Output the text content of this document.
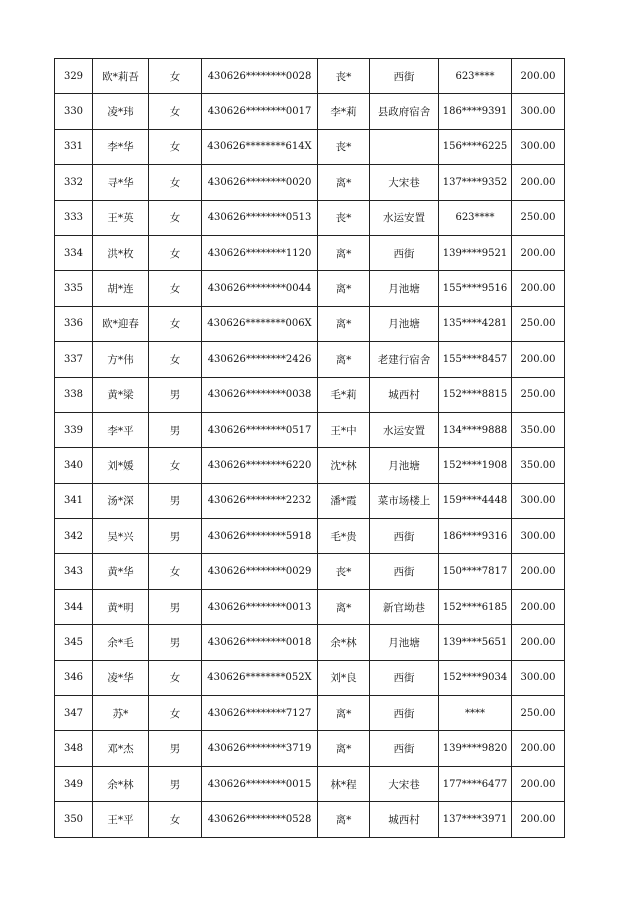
329	欧*莉吾	女	430626********0028	丧*	西街	623****	200.00
330	凌*玮	女	430626********0017	李*莉	县政府宿舍	186****9391	300.00
331	李*华	女	430626********614X	丧*		156****6225	300.00
332	寻*华	女	430626********0020	离*	大宋巷	137****9352	200.00
333	王*英	女	430626********0513	丧*	水运安置	623****	250.00
334	洪*枚	女	430626********1120	离*	西街	139****9521	200.00
335	胡*连	女	430626********0044	离*	月池塘	155****9516	200.00
336	欧*迎春	女	430626********006X	离*	月池塘	135****4281	250.00
337	方*伟	女	430626********2426	离*	老建行宿舍	155****8457	200.00
338	黄*梁	男	430626********0038	毛*莉	城西村	152****8815	250.00
339	李*平	男	430626********0517	王*中	水运安置	134****9888	350.00
340	刘*媛	女	430626********6220	沈*林	月池塘	152****1908	350.00
341	汤*深	男	430626********2232	潘*霞	菜市场楼上	159****4448	300.00
342	吴*兴	男	430626********5918	毛*贵	西街	186****9316	300.00
343	黄*华	女	430626********0029	丧*	西街	150****7817	200.00
344	黄*明	男	430626********0013	离*	新官坳巷	152****6185	200.00
345	余*毛	男	430626********0018	余*林	月池塘	139****5651	200.00
346	凌*华	女	430626********052X	刘*良	西街	152****9034	300.00
347	苏*	女	430626********7127	离*	西街	****	250.00
348	邓*杰	男	430626********3719	离*	西街	139****9820	200.00
349	余*林	男	430626********0015	林*程	大宋巷	177****6477	200.00
350	王*平	女	430626********0528	离*	城西村	137****3971	200.00
